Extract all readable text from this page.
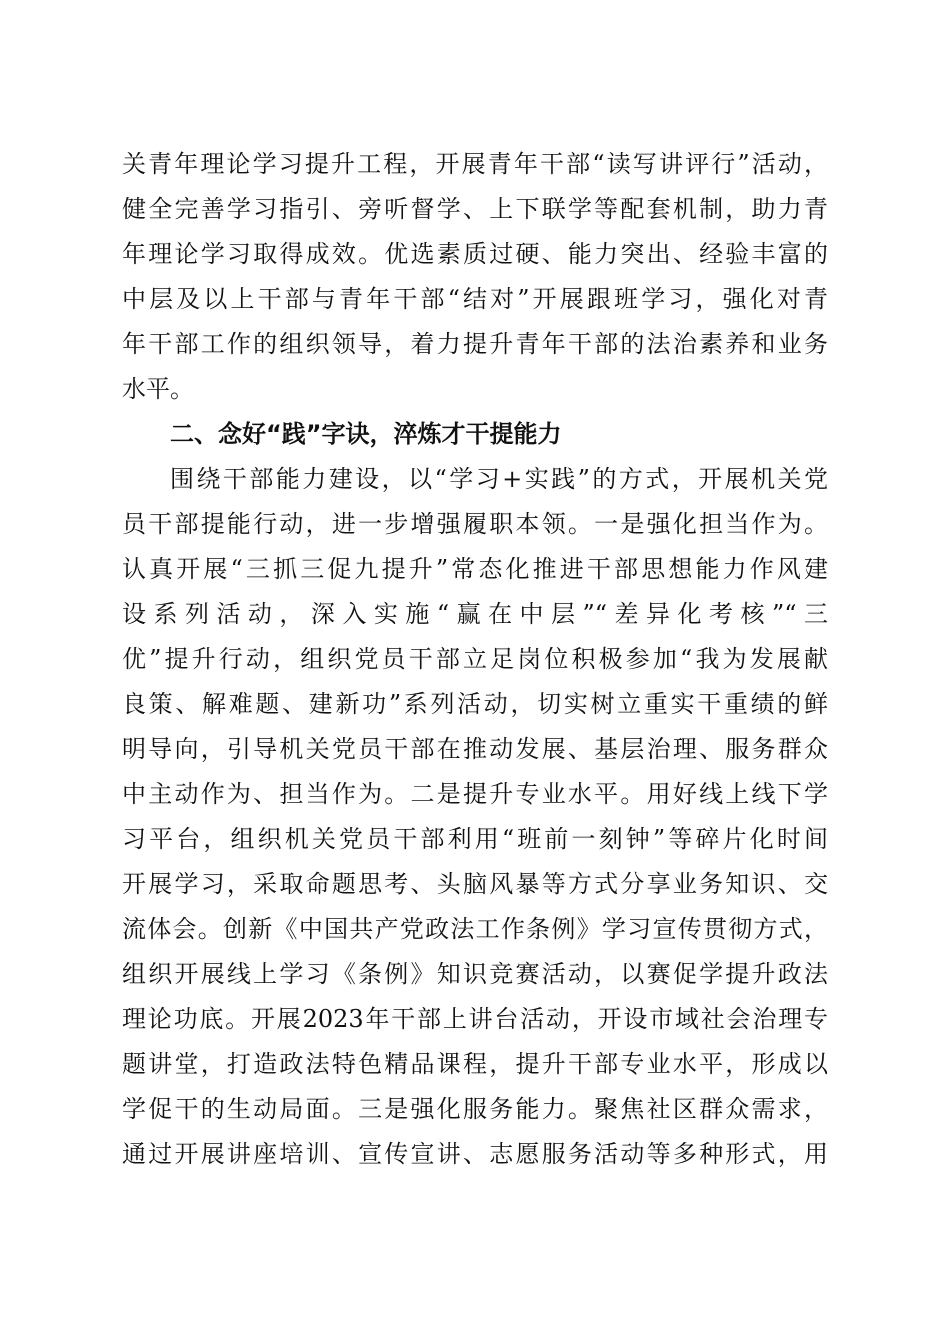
关青年理论学习提升工程，开展青年干部“读写讲评行”活动，
健全完善学习指引、旁听督学、上下联学等配套机制，助力青
年理论学习取得成效。优选素质过硬、能力突出、经验丰富的
中层及以上干部与青年干部“结对”开展跟班学习，强化对青
年干部工作的组织领导，着力提升青年干部的法治素养和业务
水平。
二、念好“践”字诀，淬炼才干提能力
围绕干部能力建设，以“学习+实践”的方式，开展机关党
员干部提能行动，进一步增强履职本领。一是强化担当作为。
认真开展“三抓三促九提升”常态化推进干部思想能力作风建
设系列活动，深入实施“赢在中层”“差异化考核”“三
优”提升行动，组织党员干部立足岗位积极参加“我为发展献
良策、解难题、建新功”系列活动，切实树立重实干重绩的鲜
明导向，引导机关党员干部在推动发展、基层治理、服务群众
中主动作为、担当作为。二是提升专业水平。用好线上线下学
习平台，组织机关党员干部利用“班前一刻钟”等碎片化时间
开展学习，采取命题思考、头脑风暴等方式分享业务知识、交
流体会。创新《中国共产党政法工作条例》学习宣传贯彻方式，
组织开展线上学习《条例》知识竞赛活动，以赛促学提升政法
理论功底。开展2023年干部上讲台活动，开设市域社会治理专
题讲堂，打造政法特色精品课程，提升干部专业水平，形成以
学促干的生动局面。三是强化服务能力。聚焦社区群众需求，
通过开展讲座培训、宣传宣讲、志愿服务活动等多种形式，用
